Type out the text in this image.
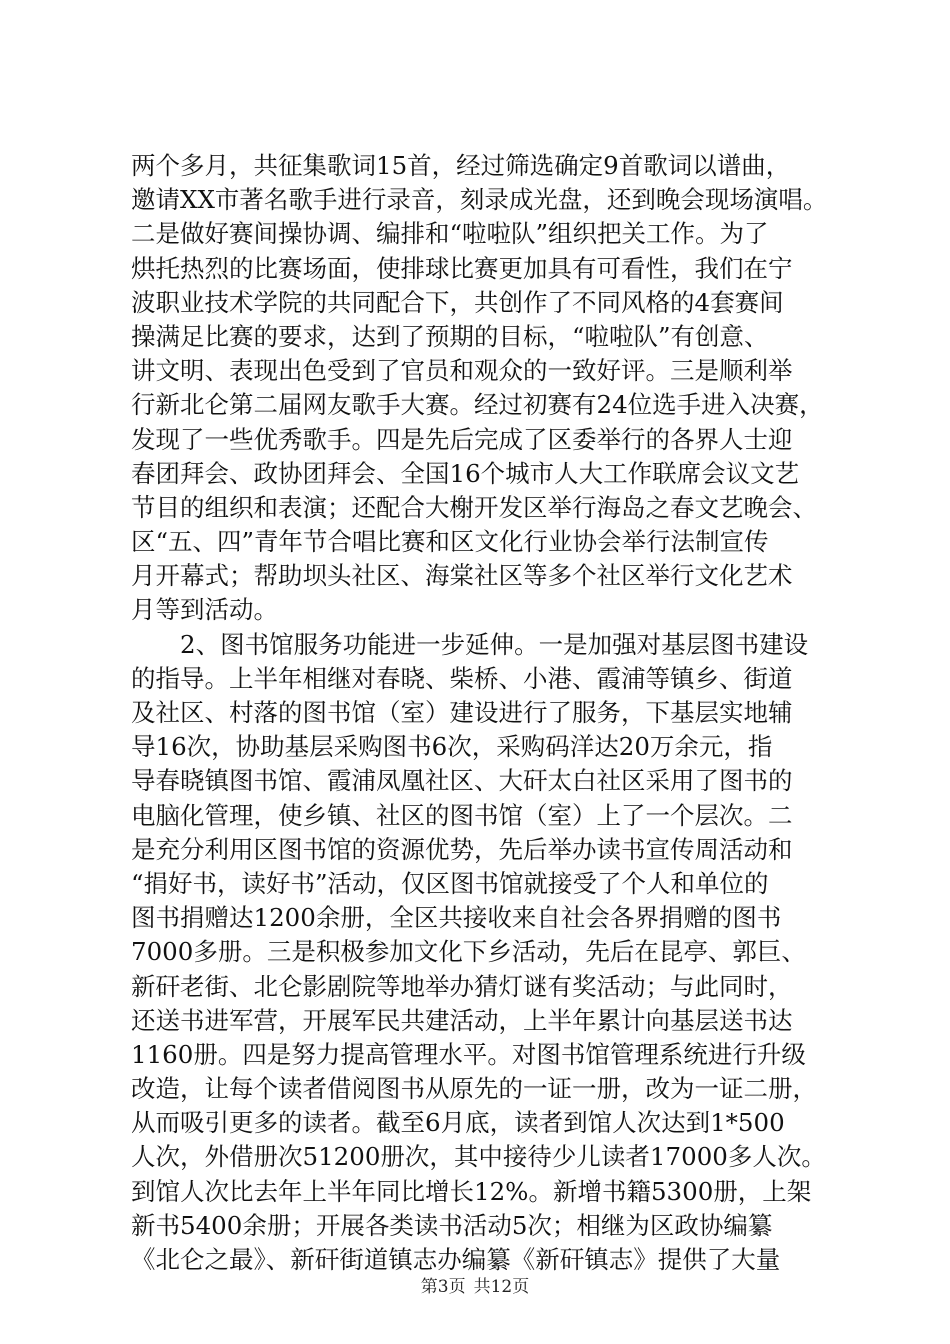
两个多月，共征集歌词15首，经过筛选确定9首歌词以谱曲，
邀请XX市著名歌手进行录音，刻录成光盘，还到晚会现场演唱。
二是做好赛间操协调、编排和“啦啦队”组织把关工作。为了
烘托热烈的比赛场面，使排球比赛更加具有可看性，我们在宁
波职业技术学院的共同配合下，共创作了不同风格的4套赛间
操满足比赛的要求，达到了预期的目标，“啦啦队”有创意、
讲文明、表现出色受到了官员和观众的一致好评。三是顺利举
行新北仑第二届网友歌手大赛。经过初赛有24位选手进入决赛，
发现了一些优秀歌手。四是先后完成了区委举行的各界人士迎
春团拜会、政协团拜会、全国16个城市人大工作联席会议文艺
节目的组织和表演；还配合大榭开发区举行海岛之春文艺晚会、
区“五、四”青年节合唱比赛和区文化行业协会举行法制宣传
月开幕式；帮助坝头社区、海棠社区等多个社区举行文化艺术
月等到活动。
2、图书馆服务功能进一步延伸。一是加强对基层图书建设
的指导。上半年相继对春晓、柴桥、小港、霞浦等镇乡、街道
及社区、村落的图书馆（室）建设进行了服务，下基层实地辅
导16次，协助基层采购图书6次，采购码洋达20万余元，指
导春晓镇图书馆、霞浦凤凰社区、大矸太白社区采用了图书的
电脑化管理，使乡镇、社区的图书馆（室）上了一个层次。二
是充分利用区图书馆的资源优势，先后举办读书宣传周活动和
“捐好书，读好书”活动，仅区图书馆就接受了个人和单位的
图书捐赠达1200余册，全区共接收来自社会各界捐赠的图书
7000多册。三是积极参加文化下乡活动，先后在昆亭、郭巨、
新矸老街、北仑影剧院等地举办猜灯谜有奖活动；与此同时，
还送书进军营，开展军民共建活动，上半年累计向基层送书达
1160册。四是努力提高管理水平。对图书馆管理系统进行升级
改造，让每个读者借阅图书从原先的一证一册，改为一证二册，
从而吸引更多的读者。截至6月底，读者到馆人次达到1*500
人次，外借册次51200册次，其中接待少儿读者17000多人次。
到馆人次比去年上半年同比增长12%。新增书籍5300册，上架
新书5400余册；开展各类读书活动5次；相继为区政协编纂
《北仑之最》、新矸街道镇志办编纂《新矸镇志》提供了大量
第3页 共12页
